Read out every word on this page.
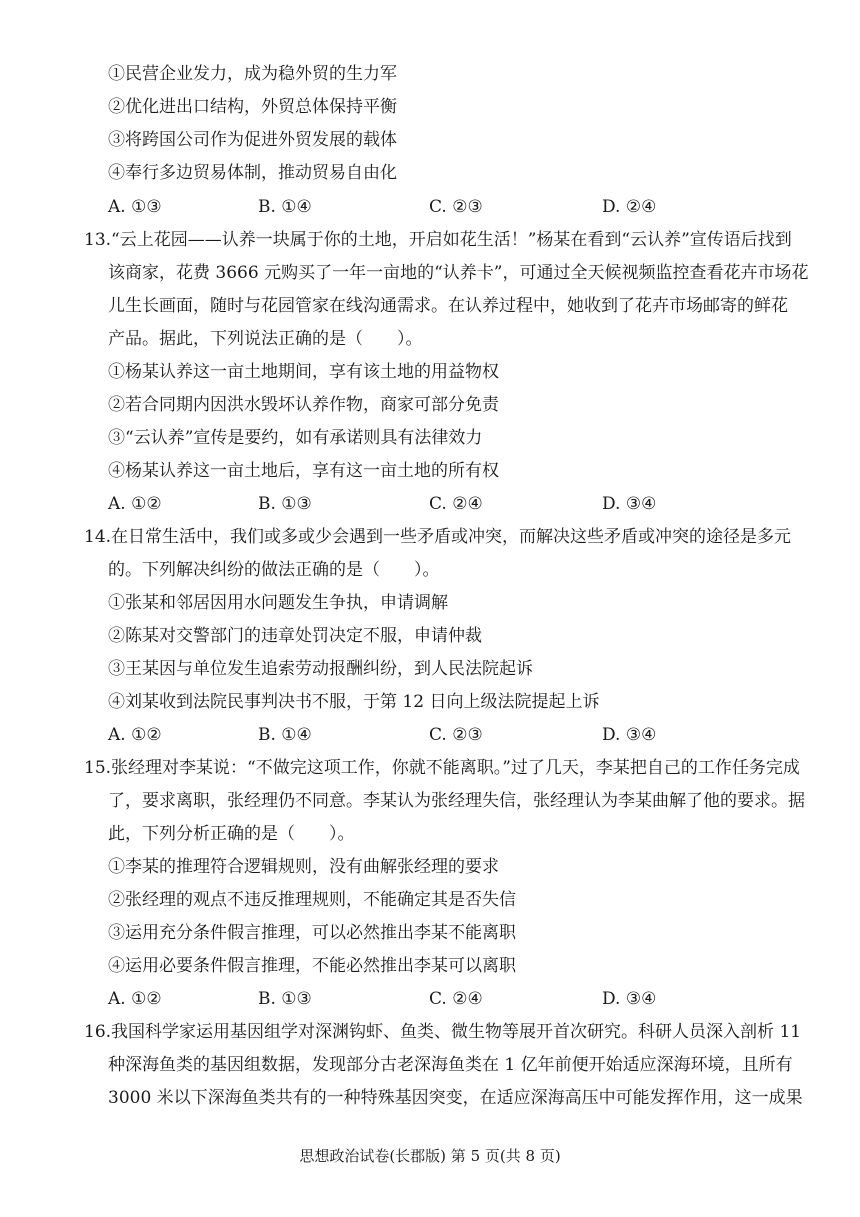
①民营企业发力，成为稳外贸的生力军
②优化进出口结构，外贸总体保持平衡
③将跨国公司作为促进外贸发展的载体
④奉行多边贸易体制，推动贸易自由化
A. ①③	B. ①④	C. ②③	D. ②④
13.“云上花园——认养一块属于你的土地，开启如花生活！”杨某在看到“云认养”宣传语后找到
该商家，花费 3666 元购买了一年一亩地的“认养卡”，可通过全天候视频监控查看花卉市场花
儿生长画面，随时与花园管家在线沟通需求。在认养过程中，她收到了花卉市场邮寄的鲜花
产品。据此，下列说法正确的是（　　）。
①杨某认养这一亩土地期间，享有该土地的用益物权
②若合同期内因洪水毁坏认养作物，商家可部分免责
③“云认养”宣传是要约，如有承诺则具有法律效力
④杨某认养这一亩土地后，享有这一亩土地的所有权
A. ①②	B. ①③	C. ②④	D. ③④
14.在日常生活中，我们或多或少会遇到一些矛盾或冲突，而解决这些矛盾或冲突的途径是多元
的。下列解决纠纷的做法正确的是（　　）。
①张某和邻居因用水问题发生争执，申请调解
②陈某对交警部门的违章处罚决定不服，申请仲裁
③王某因与单位发生追索劳动报酬纠纷，到人民法院起诉
④刘某收到法院民事判决书不服，于第 12 日向上级法院提起上诉
A. ①②	B. ①④	C. ②③	D. ③④
15.张经理对李某说：“不做完这项工作，你就不能离职。”过了几天，李某把自己的工作任务完成
了，要求离职，张经理仍不同意。李某认为张经理失信，张经理认为李某曲解了他的要求。据
此，下列分析正确的是（　　）。
①李某的推理符合逻辑规则，没有曲解张经理的要求
②张经理的观点不违反推理规则，不能确定其是否失信
③运用充分条件假言推理，可以必然推出李某不能离职
④运用必要条件假言推理，不能必然推出李某可以离职
A. ①②	B. ①③	C. ②④	D. ③④
16.我国科学家运用基因组学对深渊钩虾、鱼类、微生物等展开首次研究。科研人员深入剖析 11
种深海鱼类的基因组数据，发现部分古老深海鱼类在 1 亿年前便开始适应深海环境，且所有
3000 米以下深海鱼类共有的一种特殊基因突变，在适应深海高压中可能发挥作用，这一成果
思想政治试卷(长郡版) 第 5 页(共 8 页)
